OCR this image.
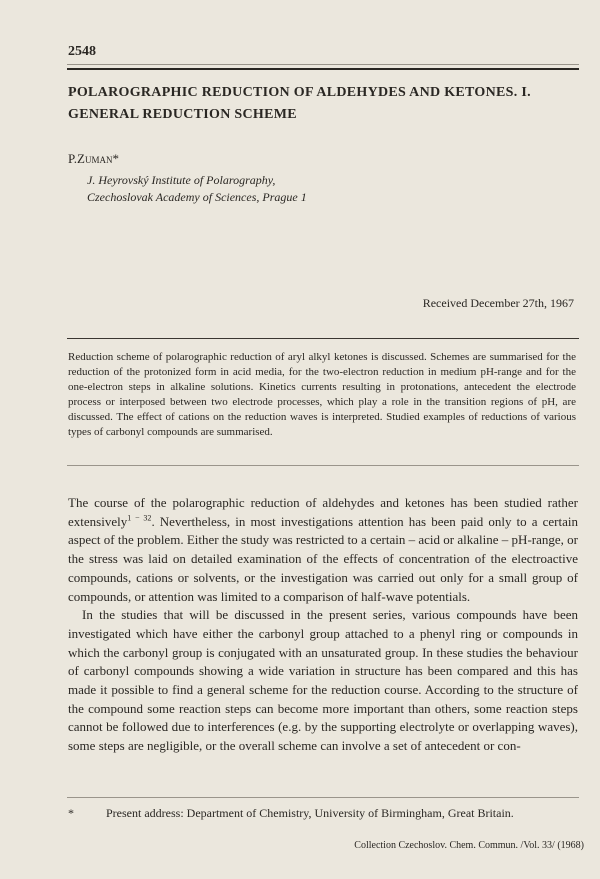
2548
POLAROGRAPHIC REDUCTION OF ALDEHYDES AND KETONES. I. GENERAL REDUCTION SCHEME
P.Zuman*
J. Heyrovský Institute of Polarography,
Czechoslovak Academy of Sciences, Prague 1
Received December 27th, 1967
Reduction scheme of polarographic reduction of aryl alkyl ketones is discussed. Schemes are summarised for the reduction of the protonized form in acid media, for the two-electron reduction in medium pH-range and for the one-electron steps in alkaline solutions. Kinetics currents resulting in protonations, antecedent the electrode process or interposed between two electrode processes, which play a role in the transition regions of pH, are discussed. The effect of cations on the reduction waves is interpreted. Studied examples of reductions of various types of carbonyl compounds are summarised.

The course of the polarographic reduction of aldehydes and ketones has been studied rather extensively$^{1 - 32}$. Nevertheless, in most investigations attention has been paid only to a certain aspect of the problem. Either the study was restricted to a certain – acid or alkaline – pH-range, or the stress was laid on detailed examination of the effects of concentration of the electroactive compounds, cations or solvents, or the investigation was carried out only for a small group of compounds, or attention was limited to a comparison of half-wave potentials.

In the studies that will be discussed in the present series, various compounds have been investigated which have either the carbonyl group attached to a phenyl ring or compounds in which the carbonyl group is conjugated with an unsaturated group. In these studies the behaviour of carbonyl compounds showing a wide variation in structure has been compared and this has made it possible to find a general scheme for the reduction course. According to the structure of the compound some reaction steps can become more important than others, some reaction steps cannot be followed due to interferences (e.g. by the supporting electrolyte or overlapping waves), some steps are negligible, or the overall scheme can involve a set of antecedent or con-

*	Present address: Department of Chemistry, University of Birmingham, Great Britain.
Collection Czechoslov. Chem. Commun. /Vol. 33/ (1968)
